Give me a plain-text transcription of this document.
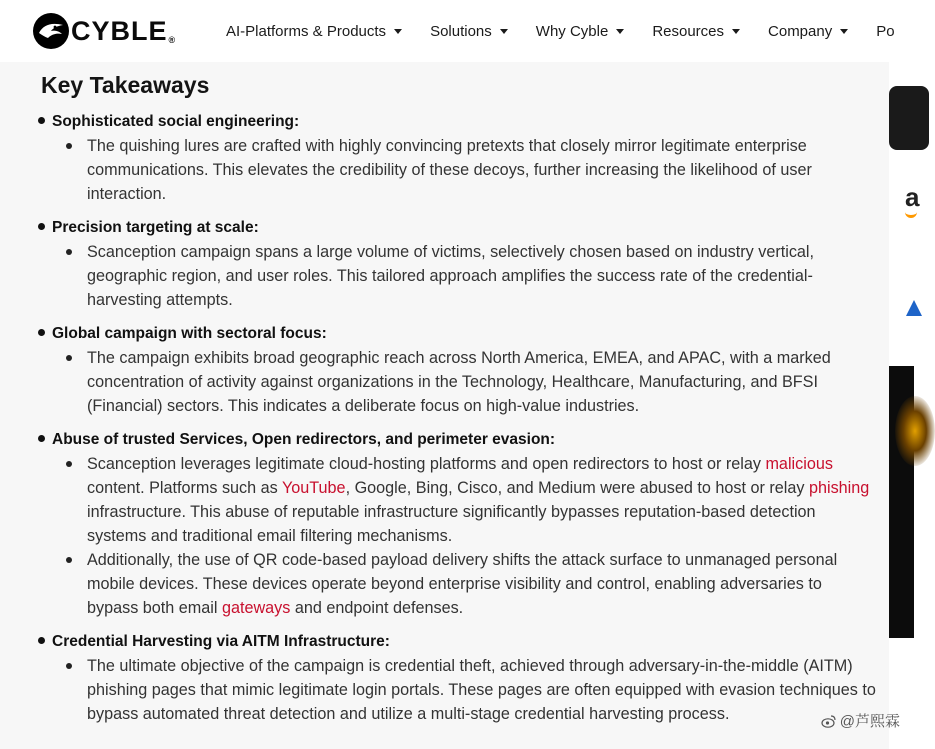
CYBLE®	AI-Platforms & Products	Solutions	Why Cyble	Resources	Company	Po
Key Takeaways
Sophisticated social engineering:
The quishing lures are crafted with highly convincing pretexts that closely mirror legitimate enterprise communications. This elevates the credibility of these decoys, further increasing the likelihood of user interaction.
Precision targeting at scale:
Scanception campaign spans a large volume of victims, selectively chosen based on industry vertical, geographic region, and user roles. This tailored approach amplifies the success rate of the credential-harvesting attempts.
Global campaign with sectoral focus:
The campaign exhibits broad geographic reach across North America, EMEA, and APAC, with a marked concentration of activity against organizations in the Technology, Healthcare, Manufacturing, and BFSI (Financial) sectors. This indicates a deliberate focus on high-value industries.
Abuse of trusted Services, Open redirectors, and perimeter evasion:
Scanception leverages legitimate cloud-hosting platforms and open redirectors to host or relay malicious content. Platforms such as YouTube, Google, Bing, Cisco, and Medium were abused to host or relay phishing infrastructure. This abuse of reputable infrastructure significantly bypasses reputation-based detection systems and traditional email filtering mechanisms.
Additionally, the use of QR code-based payload delivery shifts the attack surface to unmanaged personal mobile devices. These devices operate beyond enterprise visibility and control, enabling adversaries to bypass both email gateways and endpoint defenses.
Credential Harvesting via AITM Infrastructure:
The ultimate objective of the campaign is credential theft, achieved through adversary-in-the-middle (AITM) phishing pages that mimic legitimate login portals. These pages are often equipped with evasion techniques to bypass automated threat detection and utilize a multi-stage credential harvesting process.
a
@芦熙霖
